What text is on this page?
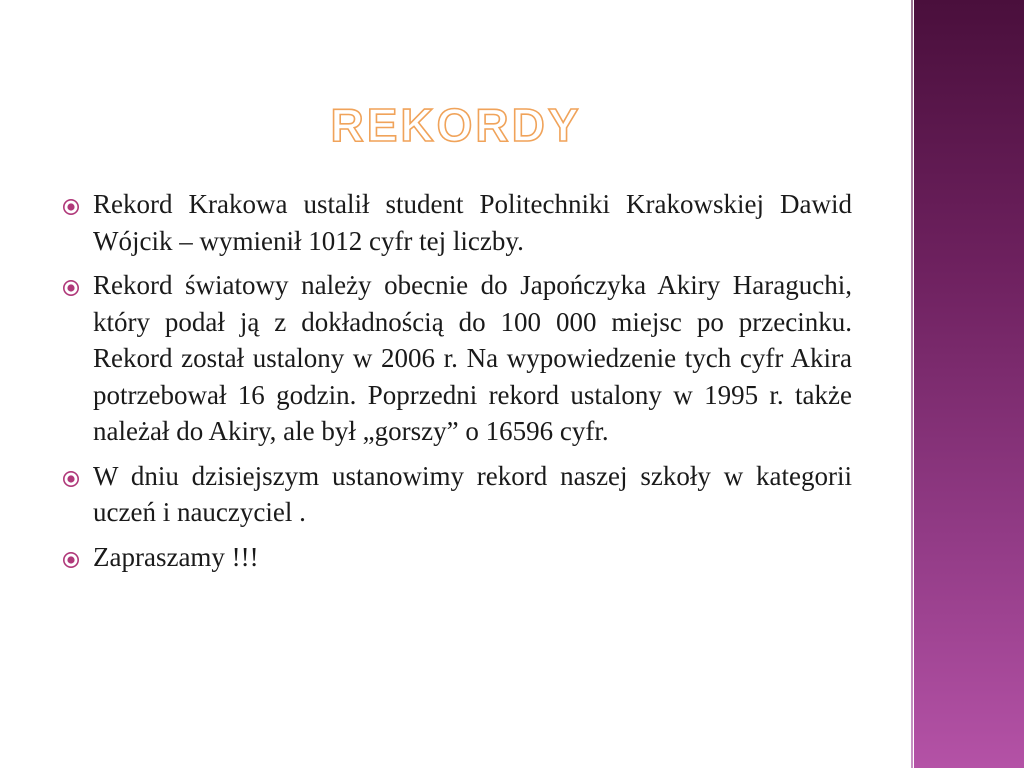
REKORDY
Rekord Krakowa ustalił student Politechniki Krakowskiej Dawid Wójcik – wymienił 1012 cyfr tej liczby.
Rekord światowy należy obecnie do Japończyka Akiry Haraguchi, który podał ją z dokładnością do 100 000 miejsc po przecinku. Rekord został ustalony w 2006 r. Na wypowiedzenie tych cyfr Akira potrzebował 16 godzin. Poprzedni rekord ustalony w 1995 r. także należał do Akiry, ale był „gorszy” o 16596 cyfr.
W dniu dzisiejszym ustanowimy rekord naszej szkoły w kategorii uczeń i nauczyciel .
Zapraszamy !!!
